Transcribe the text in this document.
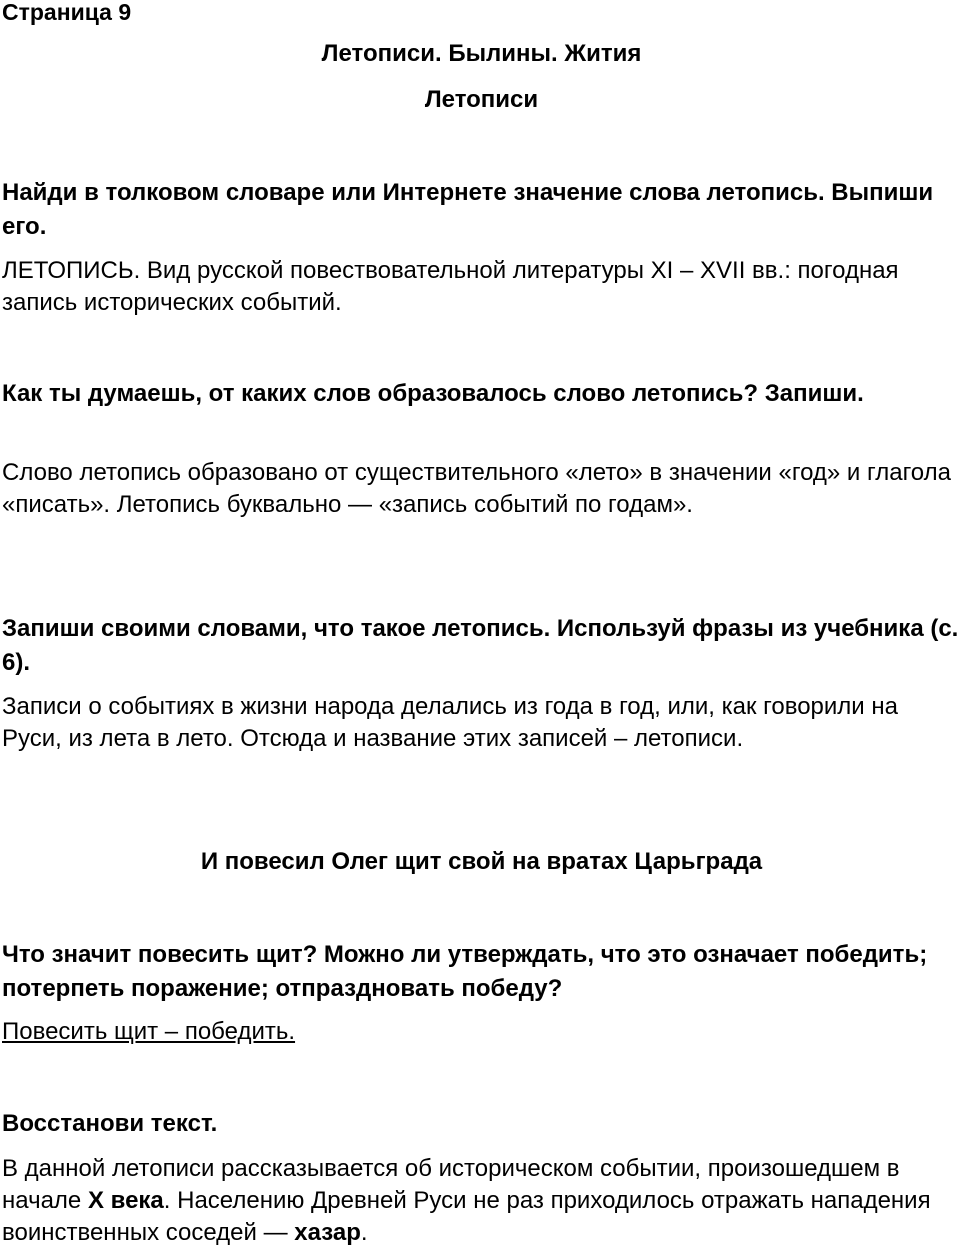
Страница 9

Летописи. Былины. Жития

Летописи

Найди в толковом словаре или Интернете значение слова летопись. Выпиши его.

ЛЕТОПИСЬ. Вид русской повествовательной литературы XI – XVII вв.: погодная запись исторических событий.

Как ты думаешь, от каких слов образовалось слово летопись? Запиши.

Слово летопись образовано от существительного «лето» в значении «год» и глагола «писать». Летопись буквально — «запись событий по годам».

Запиши своими словами, что такое летопись. Используй фразы из учебника (с. 6).

Записи о событиях в жизни народа делались из года в год, или, как говорили на Руси, из лета в лето. Отсюда и название этих записей – летописи.

И повесил Олег щит свой на вратах Царьграда

Что значит повесить щит? Можно ли утверждать, что это означает победить; потерпеть поражение; отпраздновать победу?

Повесить щит – победить.

Восстанови текст.

В данной летописи рассказывается об историческом событии, произошедшем в начале X века. Населению Древней Руси не раз приходилось отражать нападения воинственных соседей — хазар.
